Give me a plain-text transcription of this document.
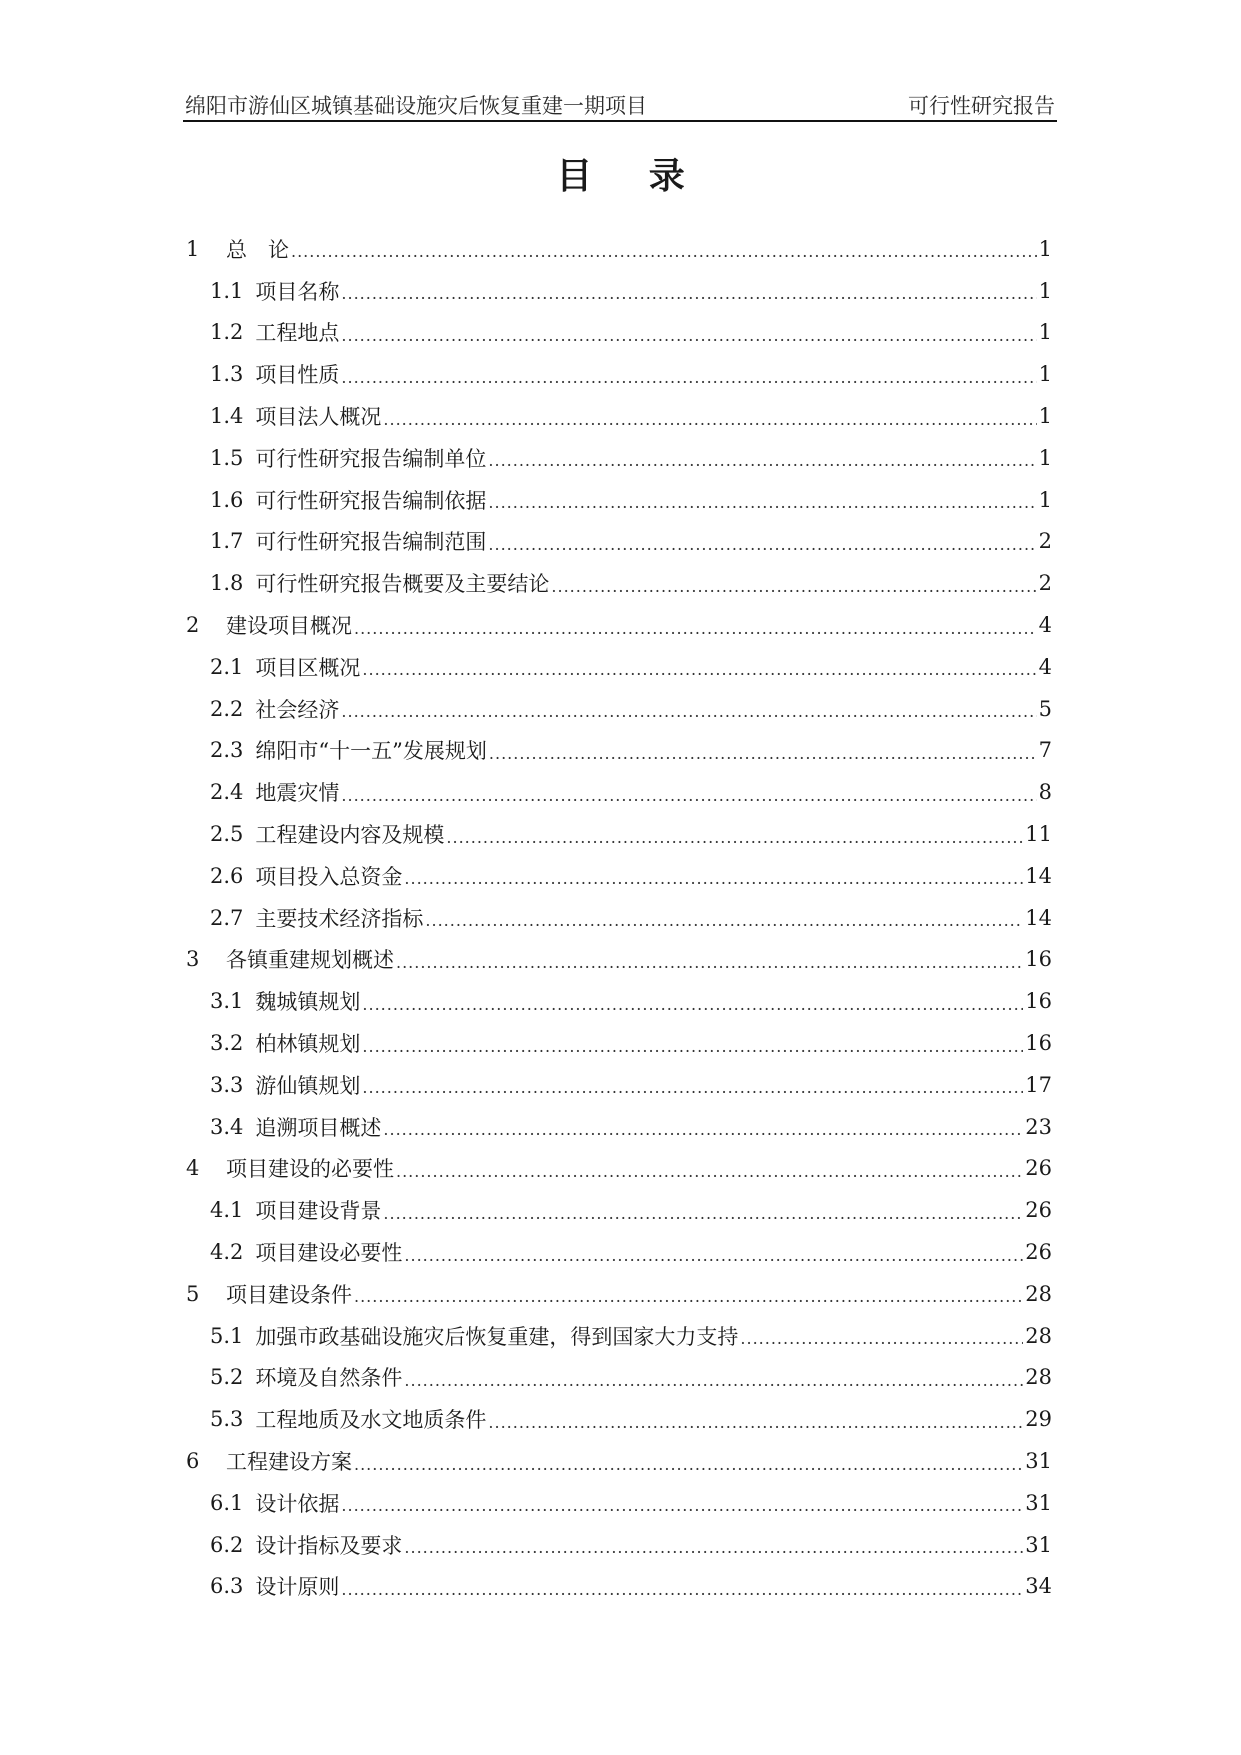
绵阳市游仙区城镇基础设施灾后恢复重建一期项目	可行性研究报告
目 录
1	总　论 .....	1
1.1 项目名称 .....	1
1.2 工程地点 .....	1
1.3 项目性质 .....	1
1.4 项目法人概况 .....	1
1.5 可行性研究报告编制单位 .....	1
1.6 可行性研究报告编制依据 .....	1
1.7 可行性研究报告编制范围 .....	2
1.8 可行性研究报告概要及主要结论 .....	2
2	建设项目概况 .....	4
2.1 项目区概况 .....	4
2.2 社会经济 .....	5
2.3 绵阳市“十一五”发展规划 .....	7
2.4 地震灾情 .....	8
2.5 工程建设内容及规模 .....	11
2.6 项目投入总资金 .....	14
2.7 主要技术经济指标 .....	14
3	各镇重建规划概述 .....	16
3.1 魏城镇规划 .....	16
3.2 柏林镇规划 .....	16
3.3 游仙镇规划 .....	17
3.4 追溯项目概述 .....	23
4	项目建设的必要性 .....	26
4.1 项目建设背景 .....	26
4.2 项目建设必要性 .....	26
5	项目建设条件 .....	28
5.1 加强市政基础设施灾后恢复重建，得到国家大力支持 .....	28
5.2 环境及自然条件 .....	28
5.3 工程地质及水文地质条件 .....	29
6	工程建设方案 .....	31
6.1 设计依据 .....	31
6.2 设计指标及要求 .....	31
6.3 设计原则 .....	34
